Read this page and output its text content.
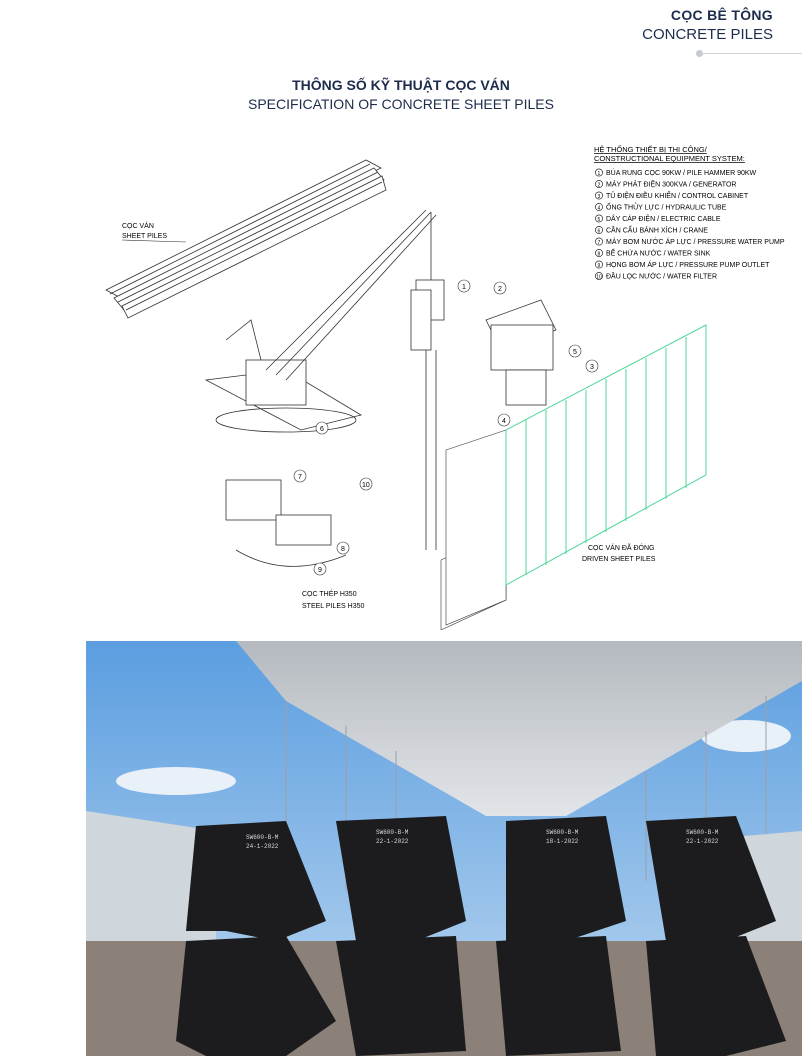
CỌC BÊ TÔNG
CONCRETE PILES
THÔNG SỐ KỸ THUẬT CỌC VÁN
SPECIFICATION OF CONCRETE SHEET PILES
CỌC VÁN
SHEET PILES
1	2
3
4
5
6
7
8
9
10
CỌC VÁN ĐÃ ĐÓNG
DRIVEN SHEET PILES
CỌC THÉP H350
STEEL PILES H350
HỆ THỐNG THIẾT BỊ THI CÔNG/
CONSTRUCTIONAL EQUIPMENT SYSTEM:
1 BÚA RUNG CỌC 90KW / PILE HAMMER 90KW
2 MÁY PHÁT ĐIỆN 300KVA / GENERATOR
3 TỦ ĐIỆN ĐIỀU KHIỂN / CONTROL CABINET
4 ỐNG THỦY LỰC / HYDRAULIC TUBE
5 DÂY CÁP ĐIỆN / ELECTRIC CABLE
6 CẦN CẨU BÁNH XÍCH / CRANE
7 MÁY BƠM NƯỚC ÁP LỰC / PRESSURE WATER PUMP
8 BỂ CHỨA NƯỚC / WATER SINK
9 HỌNG BƠM ÁP LỰC / PRESSURE PUMP OUTLET
10 ĐẦU LỌC NƯỚC / WATER FILTER
SW600-B-M
24-1-2022
SW600-B-M
22-1-2022
SW600-B-M
18-1-2022
SW600-B-M
22-1-2022
